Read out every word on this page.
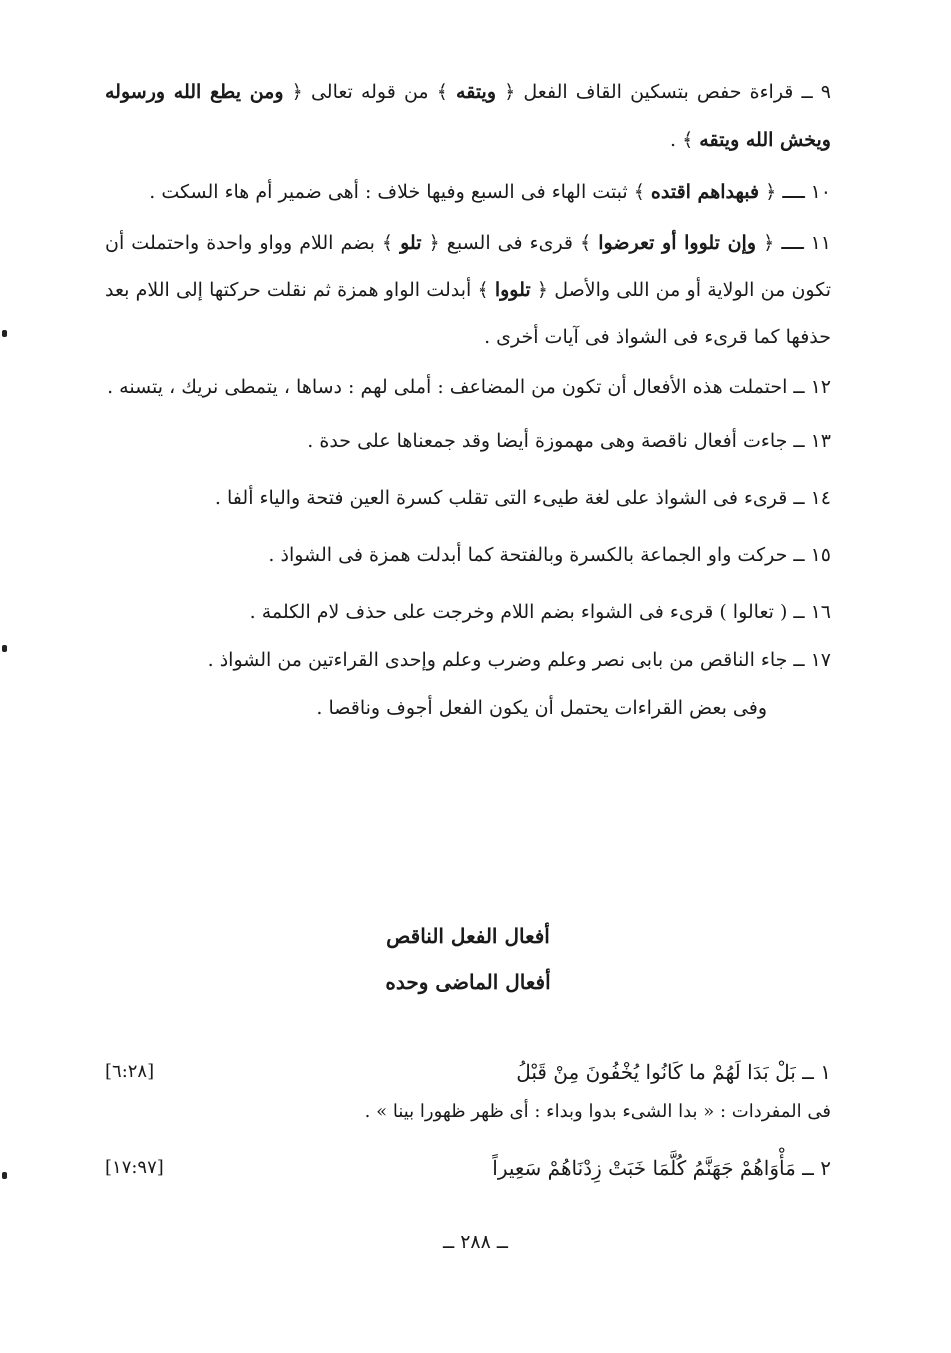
٩ ــ قراءة حفص بتسكين القاف الفعل ﴿ ويتقه ﴾ من قوله تعالى ﴿ ومن يطع الله ورسوله ويخش الله ويتقه ﴾ .

١٠ ــ ﴿ فبهداهم اقتده ﴾ ثبتت الهاء فى السبع وفيها خلاف : أهى ضمير أم هاء السكت .

١١ ــ ﴿ وإن تلووا أو تعرضوا ﴾ قرىء فى السبع ﴿ تلو ﴾ بضم اللام وواو واحدة واحتملت أن تكون من الولاية أو من اللى والأصل ﴿ تلووا ﴾ أبدلت الواو همزة ثم نقلت حركتها إلى اللام بعد حذفها كما قرىء فى الشواذ فى آيات أخرى .

١٢ ــ احتملت هذه الأفعال أن تكون من المضاعف : أملى لهم : دساها ، يتمطى نريك ، يتسنه .

١٣ ــ جاءت أفعال ناقصة وهى مهموزة أيضا وقد جمعناها على حدة .

١٤ ــ قرىء فى الشواذ على لغة طيىء التى تقلب كسرة العين فتحة والياء ألفا .

١٥ ــ حركت واو الجماعة بالكسرة وبالفتحة كما أبدلت همزة فى الشواذ .

١٦ ــ ( تعالوا ) قرىء فى الشواء بضم اللام وخرجت على حذف لام الكلمة .

١٧ ــ جاء الناقص من بابى نصر وعلم وضرب وعلم وإحدى القراءتين من الشواذ .

وفى بعض القراءات يحتمل أن يكون الفعل أجوف وناقصا .

أفعال الفعل الناقص
أفعال الماضى وحده
١ ــ بَلْ بَدَا لَهُمْ ما كَانُوا يُخْفُونَ مِنْ قَبْلُ
[٦:٢٨]
فى المفردات : « بدا الشىء بدوا وبداء : أى ظهر ظهورا بينا » .
٢ ــ مَأْوَاهُمْ جَهَنَّمُ كُلَّمَا خَبَتْ زِدْنَاهُمْ سَعِيراً
[١٧:٩٧]
ــ ٢٨٨ ــ
